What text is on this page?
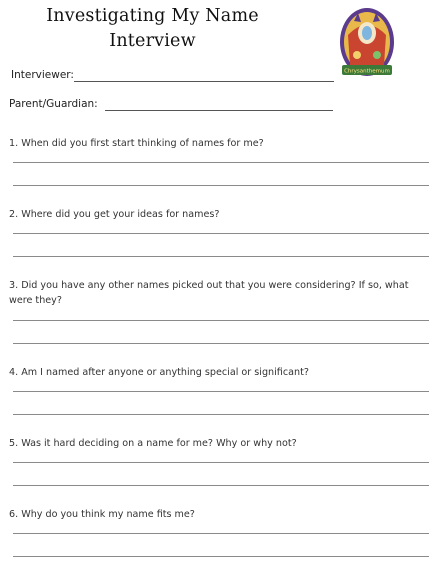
Investigating My Name
Interview
Chrysanthemum
Interviewer:
Parent/Guardian:
1. When did you first start thinking of names for me?
2. Where did you get your ideas for names?
3. Did you have any other names picked out that you were considering? If so, what were they?
4. Am I named after anyone or anything special or significant?
5. Was it hard deciding on a name for me? Why or why not?
6. Why do you think my name fits me?
